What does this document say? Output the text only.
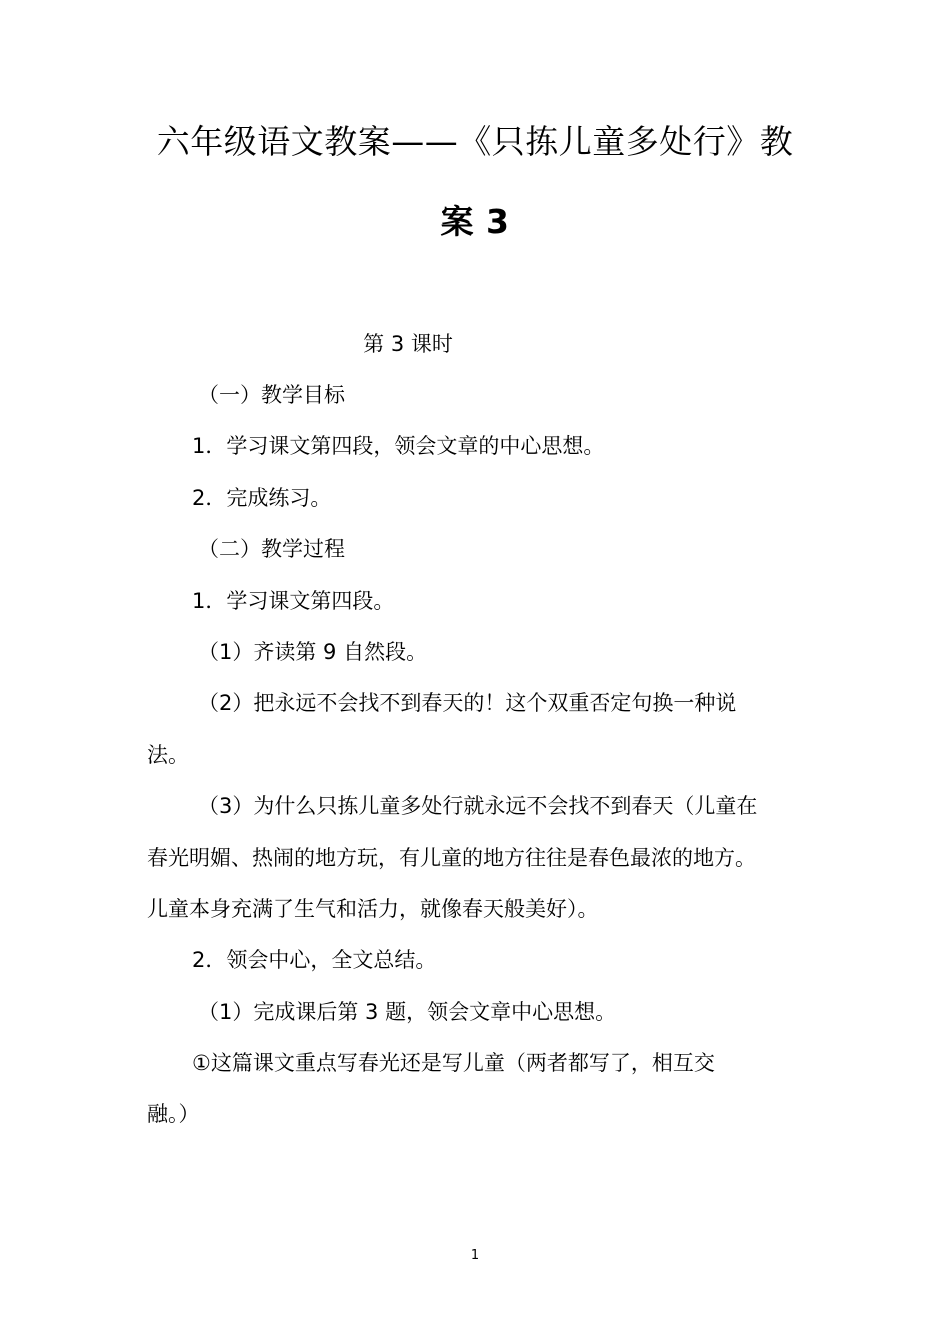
六年级语文教案——《只拣儿童多处行》教
案 3
第 3 课时
（一）教学目标
1．学习课文第四段，领会文章的中心思想。
2．完成练习。
（二）教学过程
1．学习课文第四段。
（1）齐读第 9 自然段。
（2）把永远不会找不到春天的！这个双重否定句换一种说
法。
（3）为什么只拣儿童多处行就永远不会找不到春天（儿童在
春光明媚、热闹的地方玩，有儿童的地方往往是春色最浓的地方。
儿童本身充满了生气和活力，就像春天般美好）。
2．领会中心，全文总结。
（1）完成课后第 3 题，领会文章中心思想。
①这篇课文重点写春光还是写儿童（两者都写了，相互交
融。）
1
